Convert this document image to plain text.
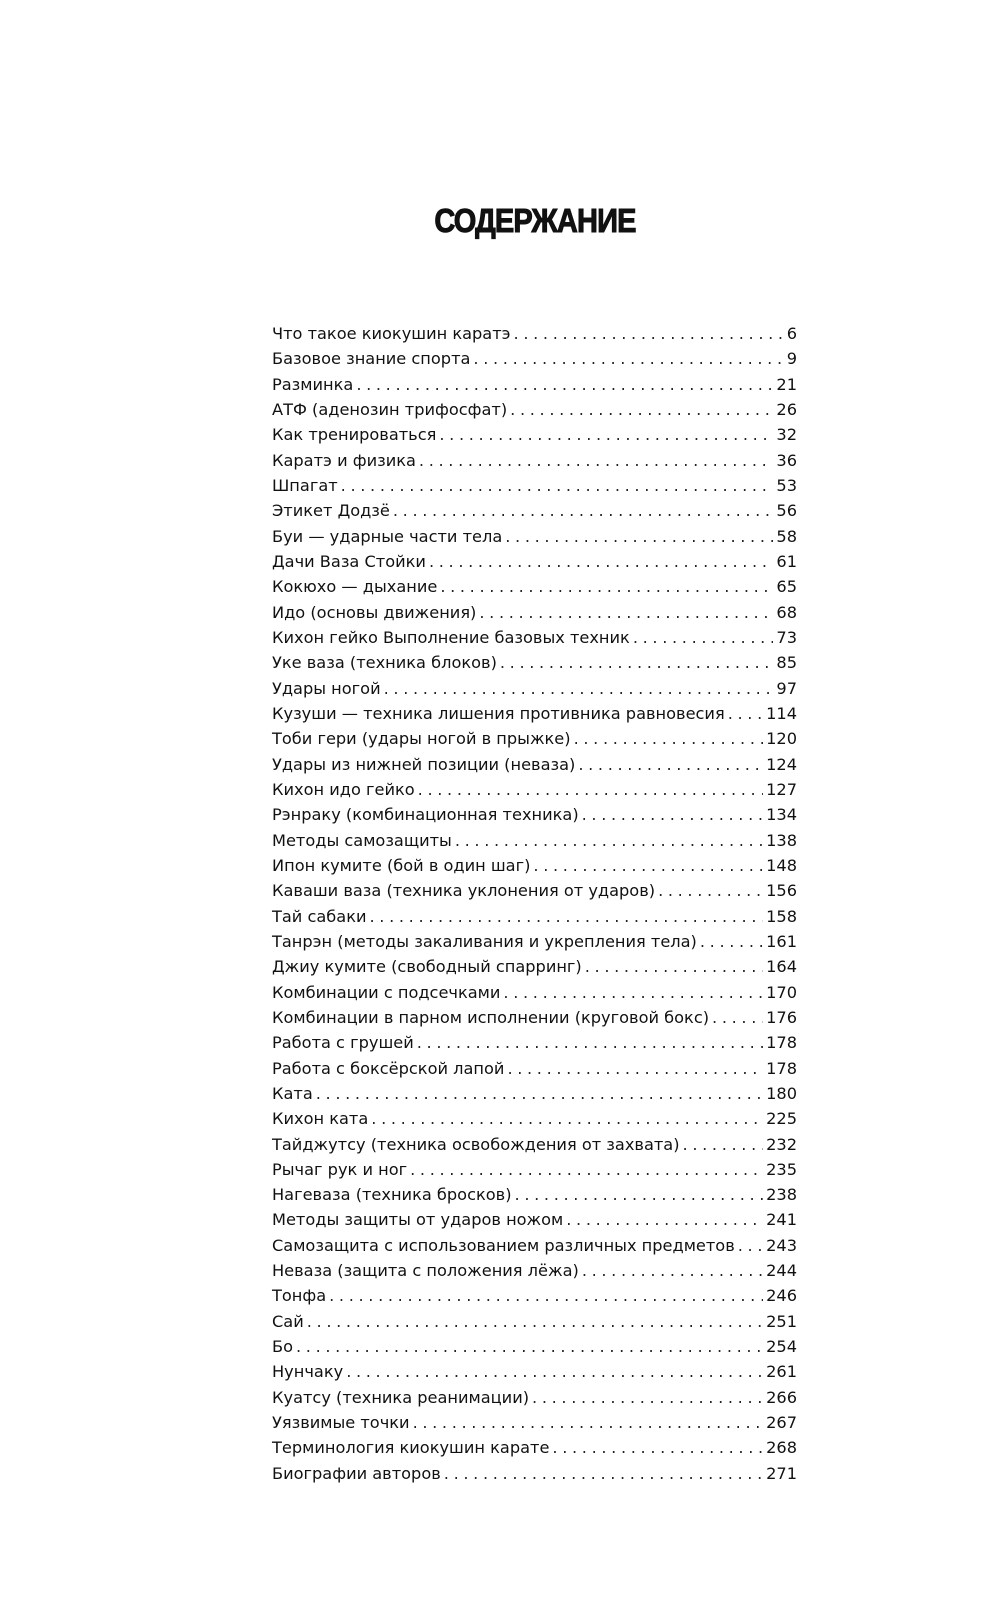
СОДЕРЖАНИЕ
Что такое киокушин каратэ . . .	6
Базовое знание спорта . . .	9
Разминка . . .	21
АТФ (аденозин трифосфат) . . .	26
Как тренироваться . . .	32
Каратэ и физика . . .	36
Шпагат . . .	53
Этикет Додзё . . .	56
Буи — ударные части тела . . .	58
Дачи Ваза Стойки . . .	61
Кокюхо — дыхание . . .	65
Идо (основы движения) . . .	68
Кихон гейко Выполнение базовых техник . . .	73
Уке ваза (техника блоков) . . .	85
Удары ногой . . .	97
Кузуши — техника лишения противника равновесия . . .	114
Тоби гери (удары ногой в прыжке) . . .	120
Удары из нижней позиции (неваза) . . .	124
Кихон идо гейко . . .	127
Рэнраку (комбинационная техника) . . .	134
Методы самозащиты . . .	138
Ипон кумите (бой в один шаг) . . .	148
Каваши ваза (техника уклонения от ударов) . . .	156
Тай сабаки . . .	158
Танрэн (методы закаливания и укрепления тела) . . .	161
Джиу кумите (свободный спарринг) . . .	164
Комбинации с подсечками . . .	170
Комбинации в парном исполнении (круговой бокс) . . .	176
Работа с грушей . . .	178
Работа с боксёрской лапой . . .	178
Ката . . .	180
Кихон ката . . .	225
Тайджутсу (техника освобождения от захвата) . . .	232
Рычаг рук и ног . . .	235
Нагеваза (техника бросков) . . .	238
Методы защиты от ударов ножом . . .	241
Самозащита с использованием различных предметов . . . 243
Неваза (защита с положения лёжа) . . .	244
Тонфа . . .	246
Сай . . .	251
Бо . . .	254
Нунчаку . . .	261
Куатсу (техника реанимации) . . .	266
Уязвимые точки . . .	267
Терминология киокушин карате . . .	268
Биографии авторов . . .	271
